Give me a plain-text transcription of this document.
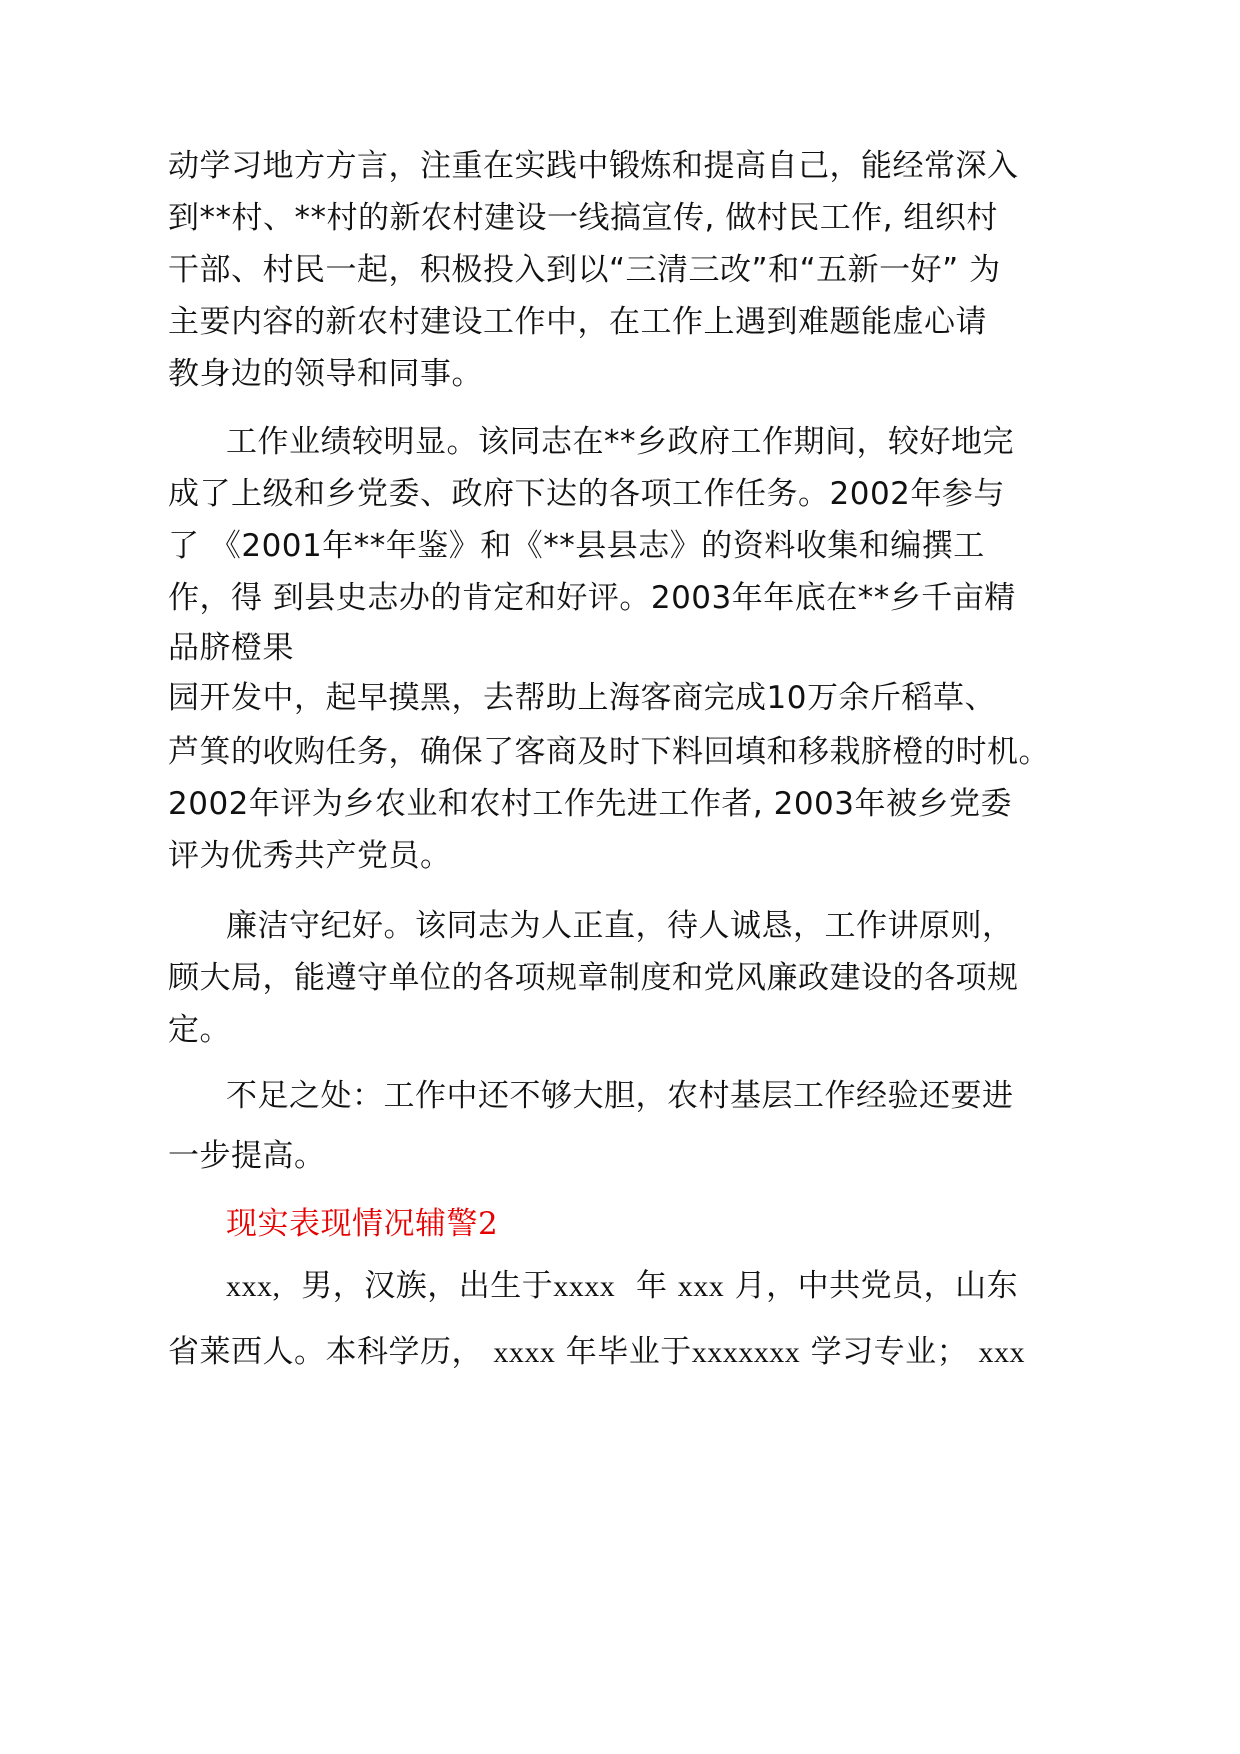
动学习地方方言，注重在实践中锻炼和提高自己，能经常深入
到**村、**村的新农村建设一线搞宣传, 做村民工作, 组织村
干部、村民一起，积极投入到以“三清三改”和“五新一好” 为
主要内容的新农村建设工作中，在工作上遇到难题能虚心请
教身边的领导和同事。
工作业绩较明显。该同志在**乡政府工作期间，较好地完
成了上级和乡党委、政府下达的各项工作任务。2002年参与
了 《2001年**年鉴》和《**县县志》的资料收集和编撰工
作，得 到县史志办的肯定和好评。2003年年底在**乡千亩精
品脐橙果
园开发中，起早摸黑，去帮助上海客商完成10万余斤稻草、
芦箕的收购任务，确保了客商及时下料回填和移栽脐橙的时机。
2002年评为乡农业和农村工作先进工作者, 2003年被乡党委
评为优秀共产党员。
廉洁守纪好。该同志为人正直，待人诚恳，工作讲原则，
顾大局，能遵守单位的各项规章制度和党风廉政建设的各项规
定。
不足之处：工作中还不够大胆，农村基层工作经验还要进
一步提高。
现实表现情况辅警2
xxx, 男，汉族，出生于xxxx 年 xxx 月，中共党员，山东
省莱西人。本科学历， xxxx 年毕业于xxxxxxx 学习专业； xxx
